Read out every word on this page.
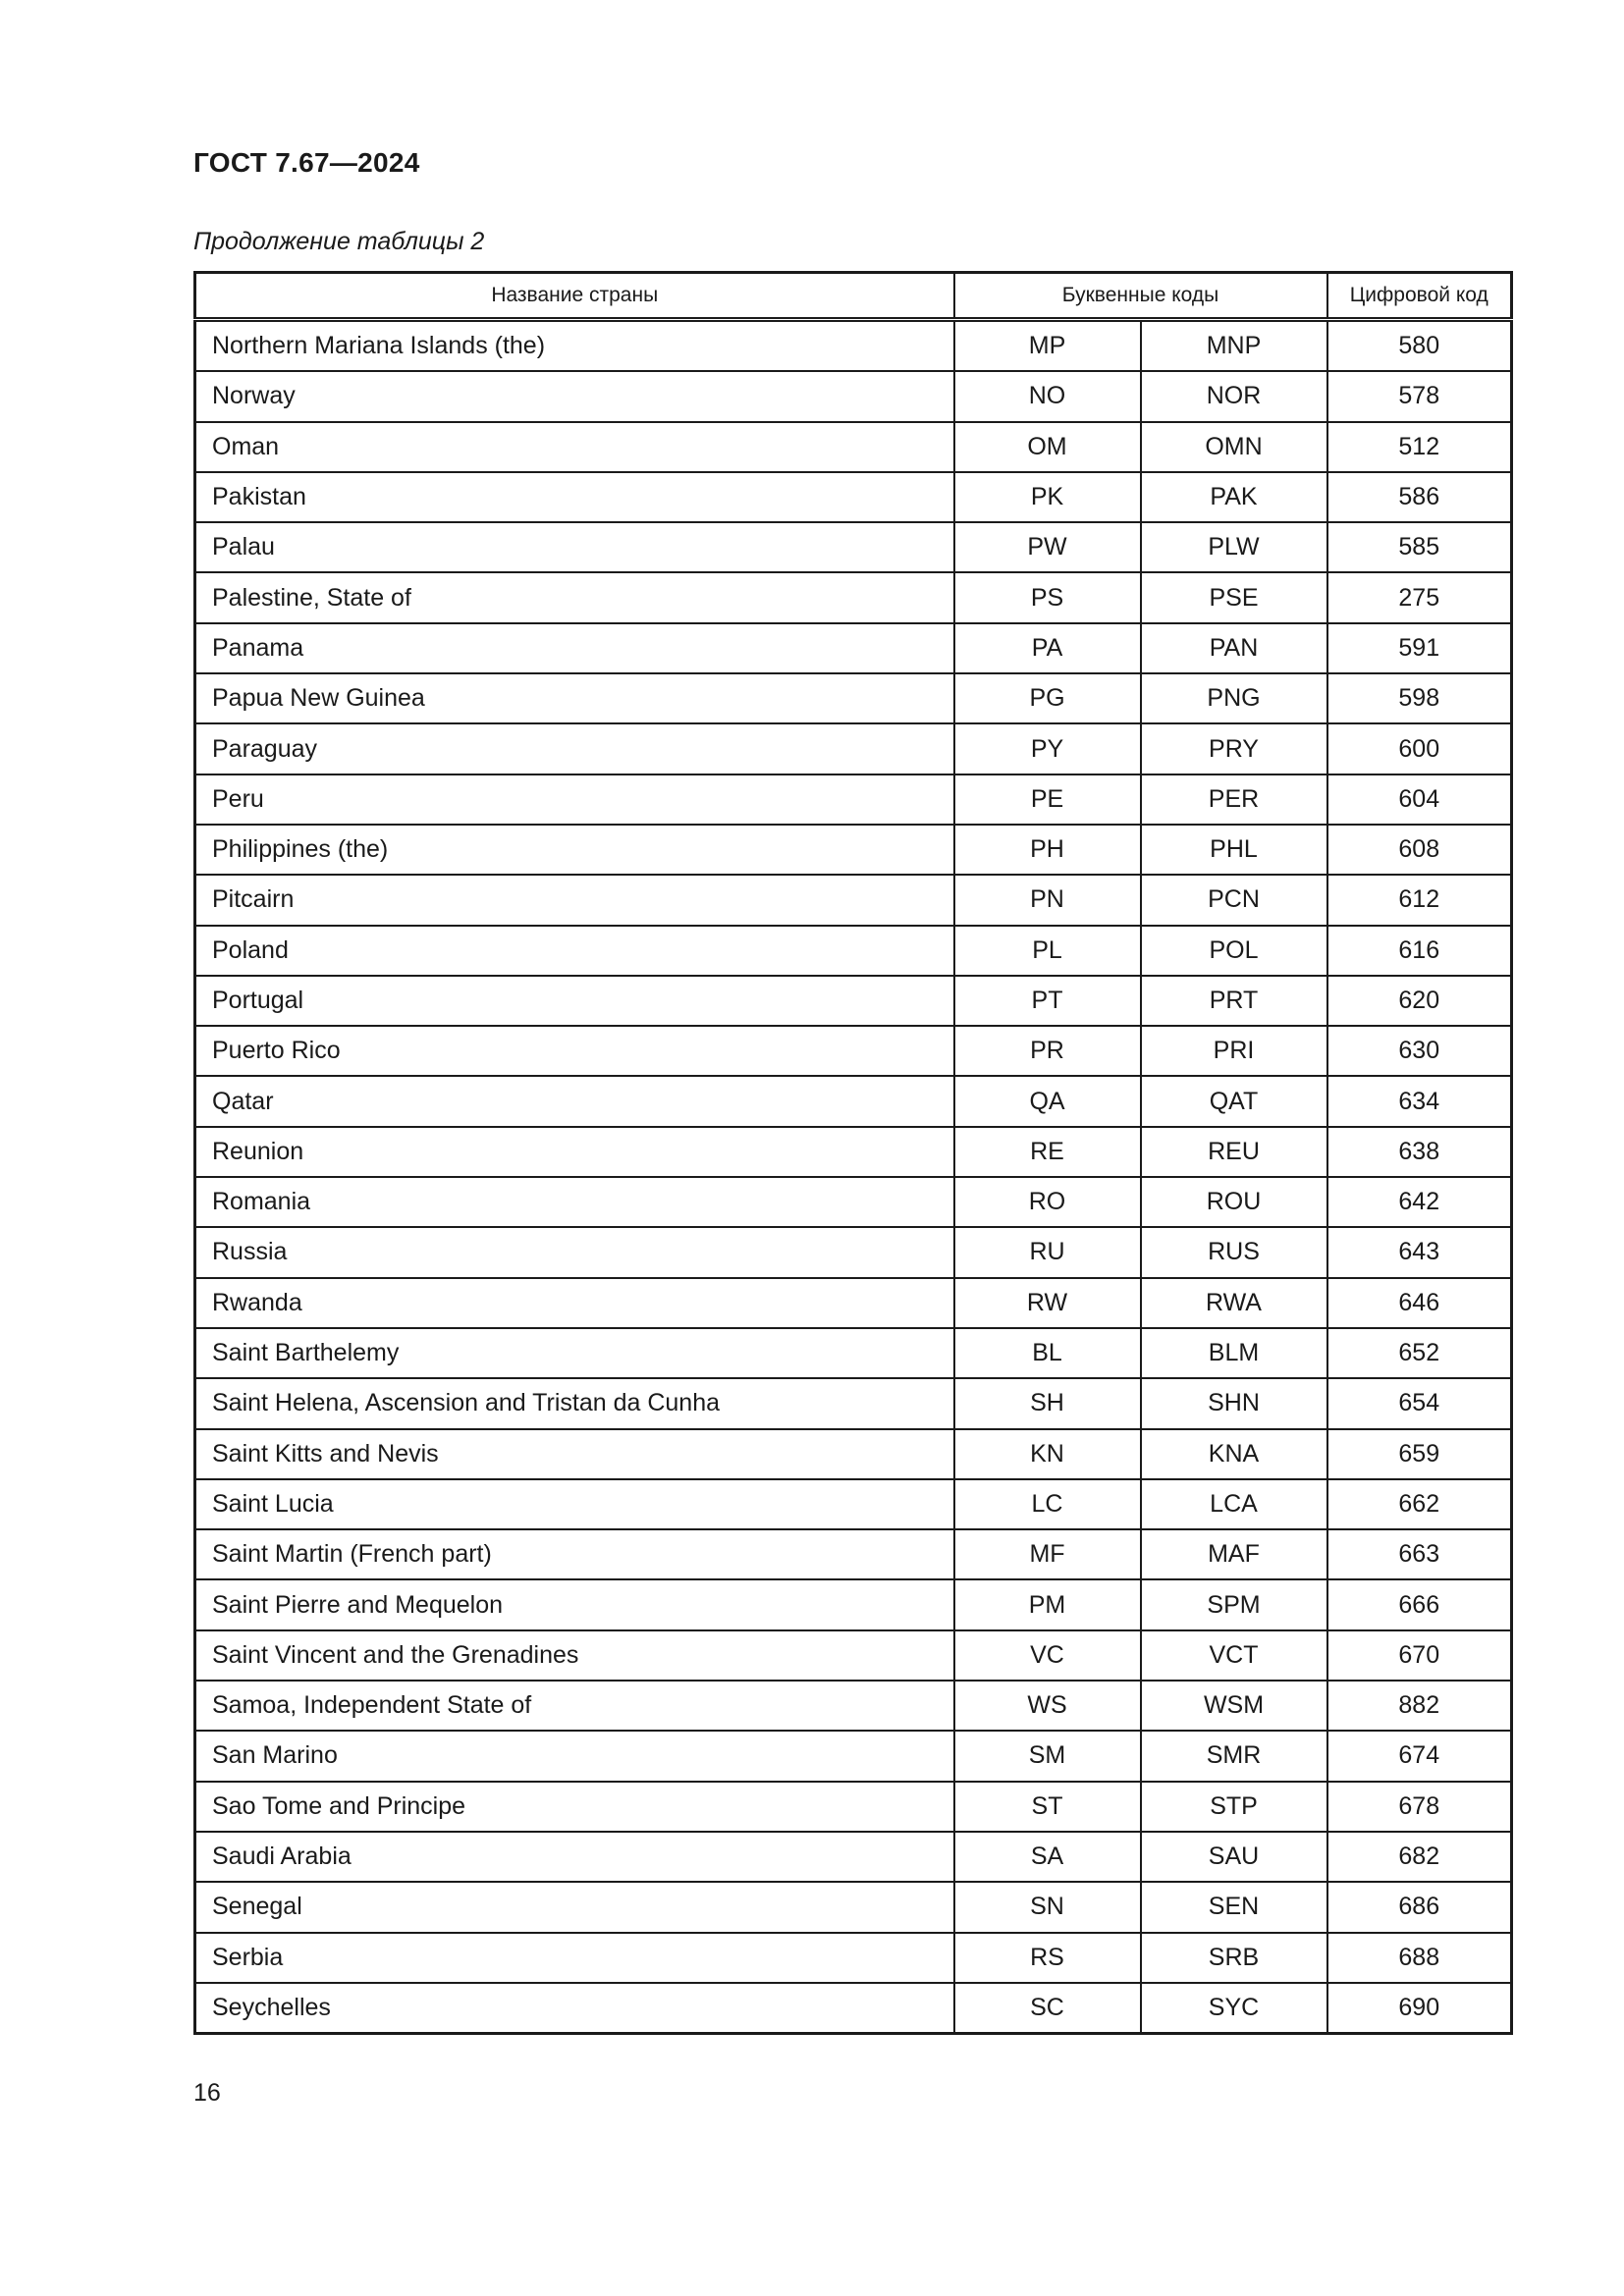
ГОСТ 7.67—2024
Продолжение таблицы 2
Название страны	Буквенные коды		Цифровой код
Northern Mariana Islands (the)	MP	MNP	580
Norway	NO	NOR	578
Oman	OM	OMN	512
Pakistan	PK	PAK	586
Palau	PW	PLW	585
Palestine, State of	PS	PSE	275
Panama	PA	PAN	591
Papua New Guinea	PG	PNG	598
Paraguay	PY	PRY	600
Peru	PE	PER	604
Philippines (the)	PH	PHL	608
Pitcairn	PN	PCN	612
Poland	PL	POL	616
Portugal	PT	PRT	620
Puerto Rico	PR	PRI	630
Qatar	QA	QAT	634
Reunion	RE	REU	638
Romania	RO	ROU	642
Russia	RU	RUS	643
Rwanda	RW	RWA	646
Saint Barthelemy	BL	BLM	652
Saint Helena, Ascension and Tristan da Cunha	SH	SHN	654
Saint Kitts and Nevis	KN	KNA	659
Saint Lucia	LC	LCA	662
Saint Martin (French part)	MF	MAF	663
Saint Pierre and Mequelon	PM	SPM	666
Saint Vincent and the Grenadines	VC	VCT	670
Samoa, Independent State of	WS	WSM	882
San Marino	SM	SMR	674
Sao Tome and Principe	ST	STP	678
Saudi Arabia	SA	SAU	682
Senegal	SN	SEN	686
Serbia	RS	SRB	688
Seychelles	SC	SYC	690
16
